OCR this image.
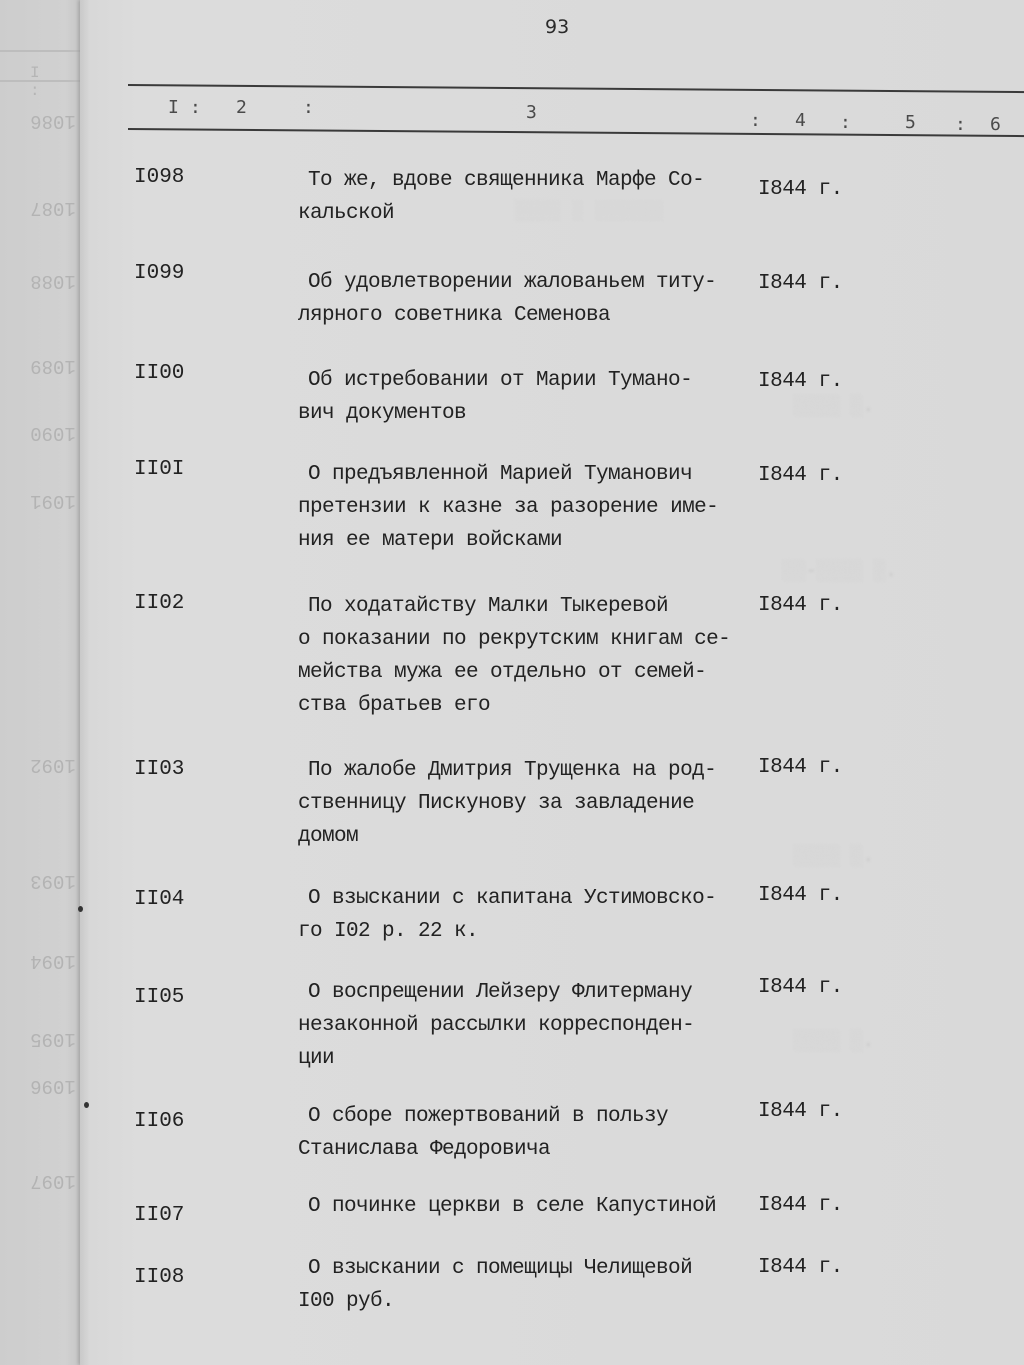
I :
1086
1087
1088
1089
1090
1091
1092
1093
1094
1095
1096
1097
░░░░ ░ ░░░░░░
░░░░ ░.
░░-░░░░ ░.
░░░░ ░.
░░░░ ░.
93
I : 2	:	3	: 4 :	5 : 6
I098	То же, вдове священника Марфе Со-
кальской
I844 г.
I099	Об удовлетворении жалованьем титу-
лярного советника Семенова
I844 г.
II00	Об истребовании от Марии Тумано-
вич документов
I844 г.
II0I	О предъявленной Марией Туманович
претензии к казне за разорение име-
ния ее матери войсками
I844 г.
II02	По ходатайству Малки Тыкеревой
о показании по рекрутским книгам се-
мейства мужа ее отдельно от семей-
ства братьев его
I844 г.
II03	По жалобе Дмитрия Трущенка на род-
ственницу Пискунову за завладение
домом
I844 г.
II04	О взыскании с капитана Устимовско-
го I02 р. 22 к.
I844 г.
II05	О воспрещении Лейзеру Флитерману
незаконной рассылки корреспонден-
ции
I844 г.
II06	О сборе пожертвований в пользу
Станислава Федоровича
I844 г.
II07	О починке церкви в селе Капустиной	I844 г.
II08	О взыскании с помещицы Челищевой
I00 руб.
I844 г.
